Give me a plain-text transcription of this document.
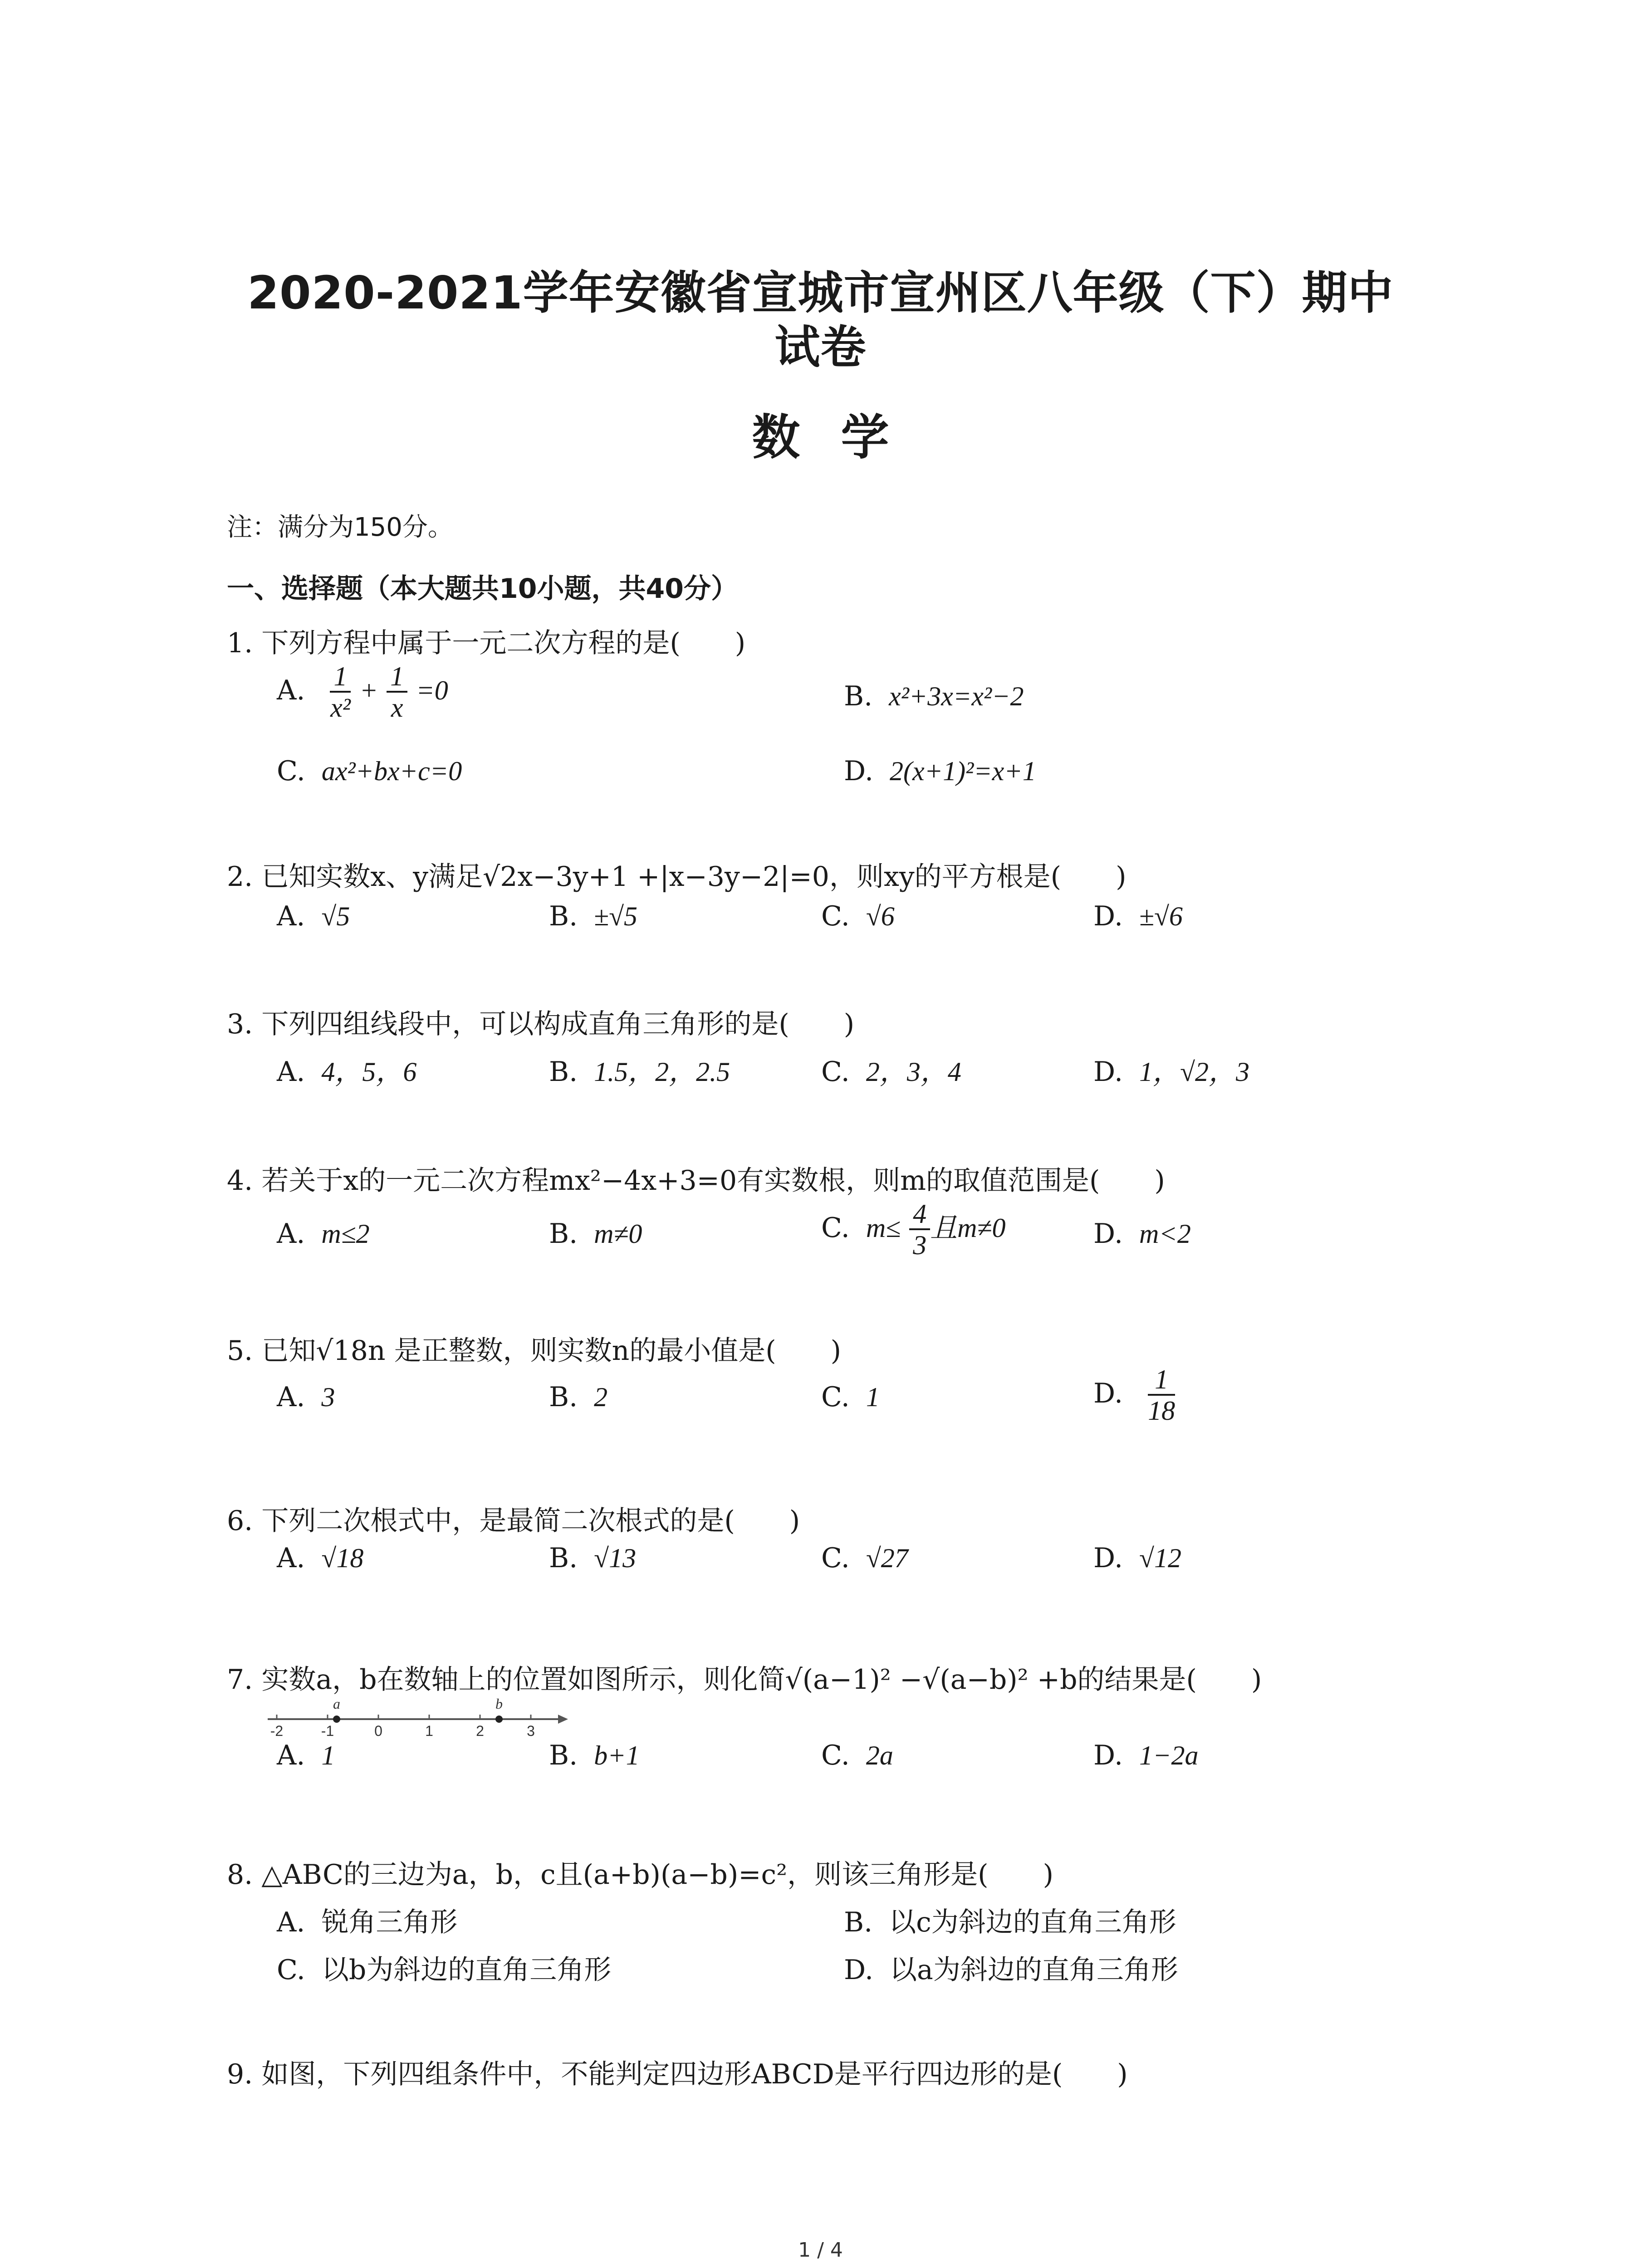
2020-2021学年安徽省宣城市宣州区八年级（下）期中
试卷
数学
注：满分为150分。
一、选择题（本大题共10小题，共40分）
1. 下列方程中属于一元二次方程的是(　　)
A. $\frac{1}{\text{x²}} + \frac{1}{x} =0$	B. x²+3x=x²−2
C. ax²+bx+c=0	D. 2(x+1)²=x+1
2. 已知实数x、y满足√2x−3y+1 +|x−3y−2|=0，则xy的平方根是(　　)
A. √5	B. ±√5	C. √6	D. ±√6
3. 下列四组线段中，可以构成直角三角形的是(　　)
A. 4，5，6	B. 1.5，2，2.5	C. 2，3，4	D. 1，√2，3
4. 若关于x的一元二次方程mx²−4x+3=0有实数根，则m的取值范围是(　　)
A. m≤2	B. m≠0	C. $m\le \frac{4}{3}$ 且m≠0	D. m<2
5. 已知√18n 是正整数，则实数n的最小值是(　　)
A. 3	B. 2	C. 1	D. $\frac{1}{18}$
6. 下列二次根式中，是最简二次根式的是(　　)
A. √18	B. √13	C. √27	D. √12
7. 实数a，b在数轴上的位置如图所示，则化简√(a−1)² −√(a−b)² +b的结果是(　　)
-2	-1	0	1	2	3
a	b
A. 1	B. b+1	C. 2a	D. 1−2a
8. △ABC的三边为a，b，c且(a+b)(a−b)=c²，则该三角形是(　　)
A. 锐角三角形	B. 以c为斜边的直角三角形
C. 以b为斜边的直角三角形	D. 以a为斜边的直角三角形
9. 如图，下列四组条件中，不能判定四边形ABCD是平行四边形的是(　　)
1 / 4
